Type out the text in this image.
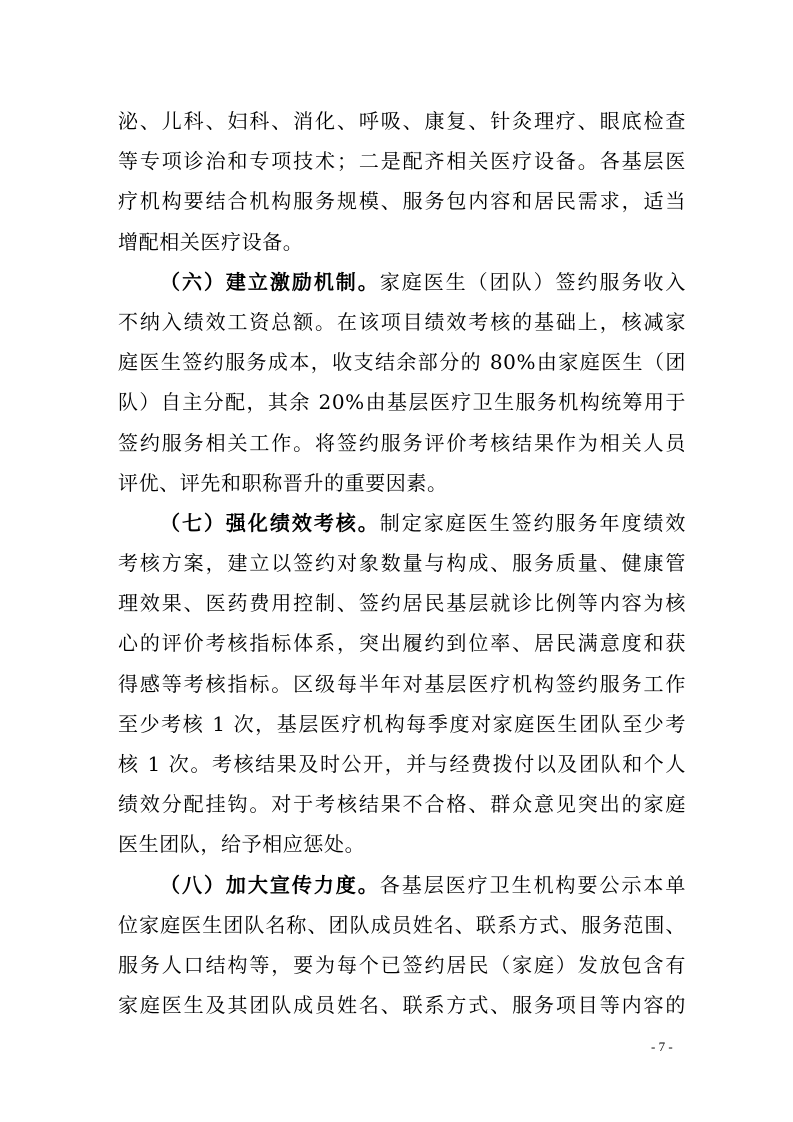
泌、儿科、妇科、消化、呼吸、康复、针灸理疗、眼底检查
等专项诊治和专项技术；二是配齐相关医疗设备。各基层医
疗机构要结合机构服务规模、服务包内容和居民需求，适当
增配相关医疗设备。
（六）建立激励机制。家庭医生（团队）签约服务收入
不纳入绩效工资总额。在该项目绩效考核的基础上，核减家
庭医生签约服务成本，收支结余部分的 80%由家庭医生（团
队）自主分配，其余 20%由基层医疗卫生服务机构统筹用于
签约服务相关工作。将签约服务评价考核结果作为相关人员
评优、评先和职称晋升的重要因素。
（七）强化绩效考核。制定家庭医生签约服务年度绩效
考核方案，建立以签约对象数量与构成、服务质量、健康管
理效果、医药费用控制、签约居民基层就诊比例等内容为核
心的评价考核指标体系，突出履约到位率、居民满意度和获
得感等考核指标。区级每半年对基层医疗机构签约服务工作
至少考核 1 次，基层医疗机构每季度对家庭医生团队至少考
核 1 次。考核结果及时公开，并与经费拨付以及团队和个人
绩效分配挂钩。对于考核结果不合格、群众意见突出的家庭
医生团队，给予相应惩处。
（八）加大宣传力度。各基层医疗卫生机构要公示本单
位家庭医生团队名称、团队成员姓名、联系方式、服务范围、
服务人口结构等，要为每个已签约居民（家庭）发放包含有
家庭医生及其团队成员姓名、联系方式、服务项目等内容的
- 7 -
